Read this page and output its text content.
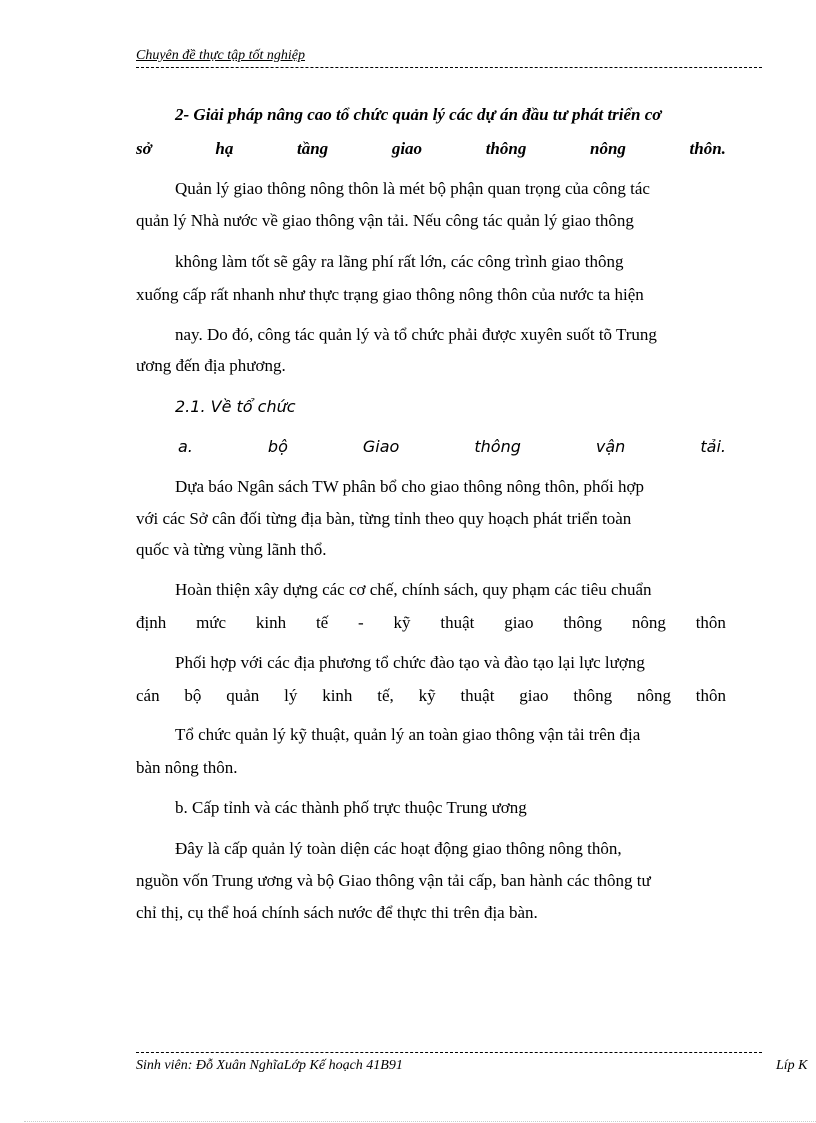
Chuyên đề thực tập tốt nghiệp
2- Giải pháp nâng cao tổ chức quản lý các dự án đầu tư phát triển cơ
sở	hạ	tầng	giao	thông	nông	thôn.
Quản lý giao thông nông thôn là mét bộ phận quan trọng của công tác
quản lý Nhà nước về giao thông vận tải. Nếu công tác quản lý giao thông
không làm tốt sẽ gây ra lãng phí rất lớn, các công trình giao thông
xuống cấp rất nhanh như thực trạng giao thông nông thôn của nước ta hiện
nay. Do đó, công tác quản lý và tổ chức phải được xuyên suốt tõ Trung
ương đến địa phương.
2.1. Về tổ chức
a.	bộ	Giao	thông	vận	tải.
Dựa báo Ngân sách TW phân bổ cho giao thông nông thôn, phối hợp
với các Sở cân đối từng địa bàn, từng tỉnh theo quy hoạch phát triển toàn
quốc và từng vùng lãnh thổ.
Hoàn thiện xây dựng các cơ chế, chính sách, quy phạm các tiêu chuẩn
định mức kinh tế - kỹ thuật giao thông nông thôn
Phối hợp với các địa phương tổ chức đào tạo và đào tạo lại lực lượng
cán bộ quản lý kinh tế, kỹ thuật giao thông nông thôn
Tổ chức quản lý kỹ thuật, quản lý an toàn giao thông vận tải trên địa
bàn nông thôn.
b. Cấp tỉnh và các thành phố trực thuộc Trung ương
Đây là cấp quản lý toàn diện các hoạt động giao thông nông thôn,
nguồn vốn Trung ương và bộ Giao thông vận tải cấp, ban hành các thông tư
chỉ thị, cụ thể hoá chính sách nước để thực thi trên địa bàn.
Sinh viên: Đỗ Xuân NghĩaLớp Kế hoạch 41B91	Líp K
